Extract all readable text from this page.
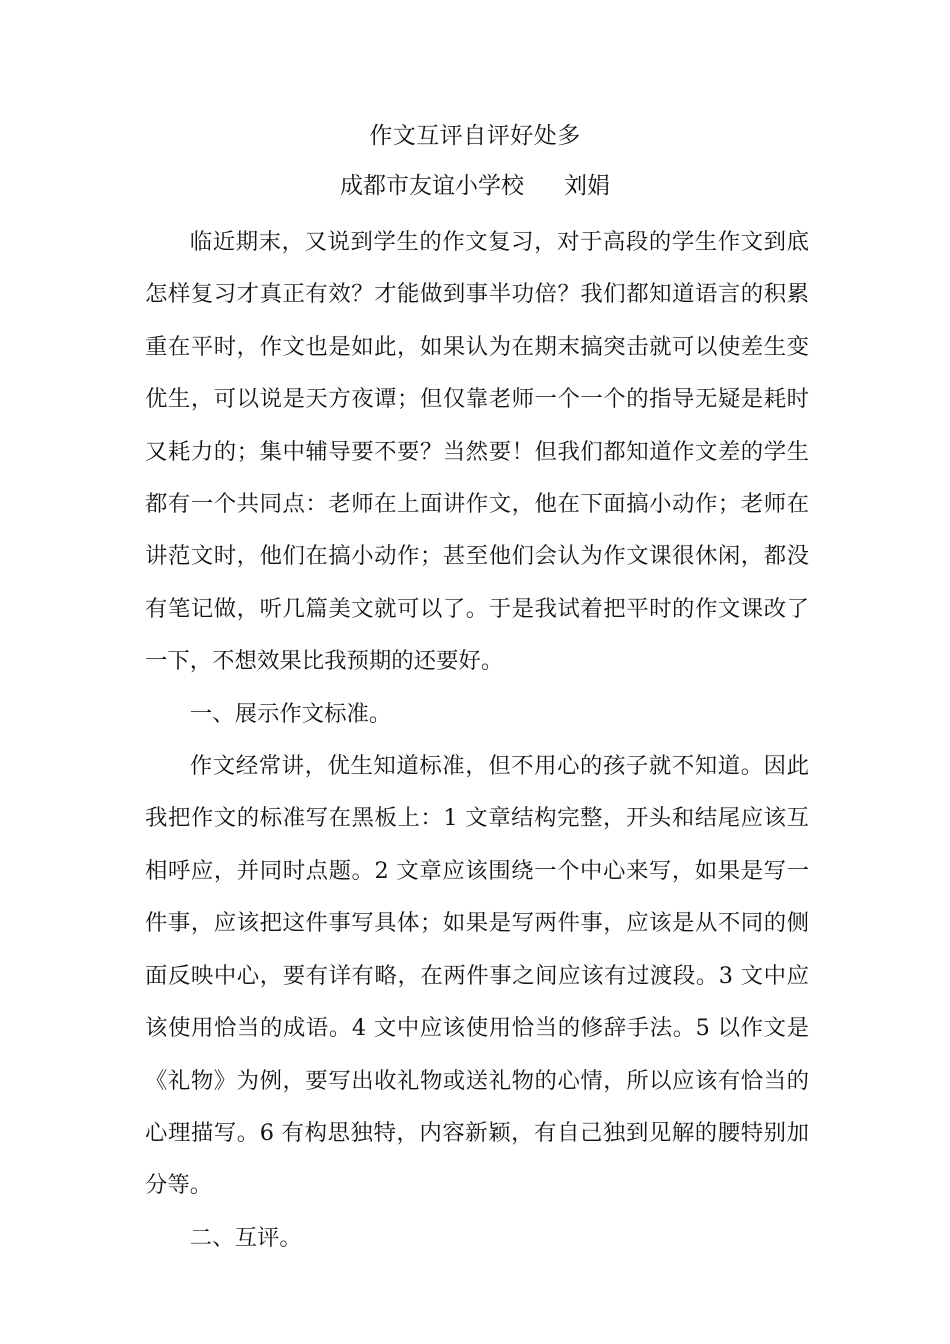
作文互评自评好处多
成都市友谊小学校 刘娟

临近期末，又说到学生的作文复习，对于高段的学生作文到底怎样复习才真正有效？才能做到事半功倍？我们都知道语言的积累重在平时，作文也是如此，如果认为在期末搞突击就可以使差生变优生，可以说是天方夜谭；但仅靠老师一个一个的指导无疑是耗时又耗力的；集中辅导要不要？当然要！但我们都知道作文差的学生都有一个共同点：老师在上面讲作文，他在下面搞小动作；老师在讲范文时，他们在搞小动作；甚至他们会认为作文课很休闲，都没有笔记做，听几篇美文就可以了。于是我试着把平时的作文课改了一下，不想效果比我预期的还要好。

一、展示作文标准。

作文经常讲，优生知道标准，但不用心的孩子就不知道。因此我把作文的标准写在黑板上：1 文章结构完整，开头和结尾应该互相呼应，并同时点题。2 文章应该围绕一个中心来写，如果是写一件事，应该把这件事写具体；如果是写两件事，应该是从不同的侧面反映中心，要有详有略，在两件事之间应该有过渡段。3 文中应该使用恰当的成语。4 文中应该使用恰当的修辞手法。5 以作文是《礼物》为例，要写出收礼物或送礼物的心情，所以应该有恰当的心理描写。6 有构思独特，内容新颖，有自己独到见解的腰特别加分等。

二、互评。
